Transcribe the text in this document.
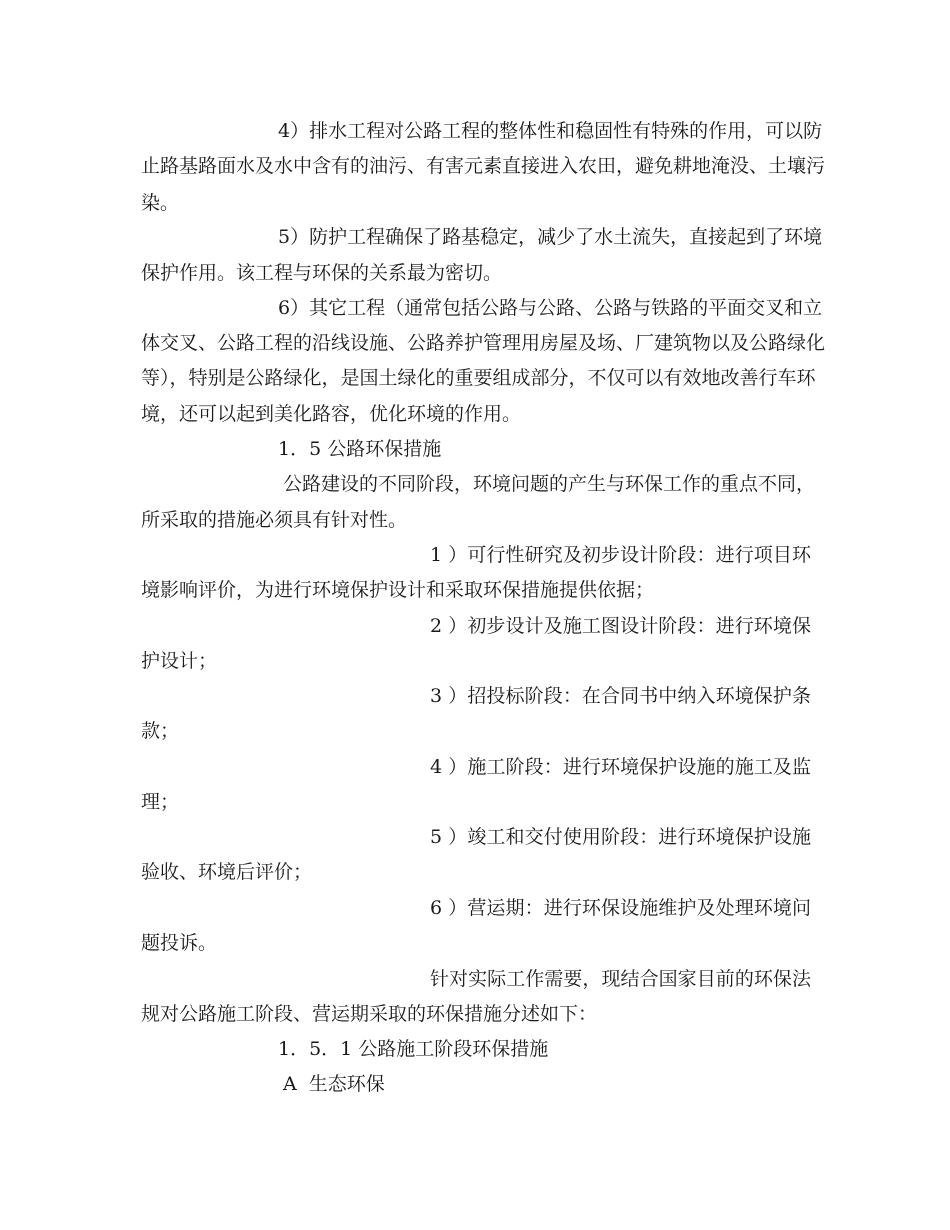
4）排水工程对公路工程的整体性和稳固性有特殊的作用，可以防
止路基路面水及水中含有的油污、有害元素直接进入农田，避免耕地淹没、土壤污
染。
5）防护工程确保了路基稳定，减少了水土流失，直接起到了环境
保护作用。该工程与环保的关系最为密切。
6）其它工程（通常包括公路与公路、公路与铁路的平面交叉和立
体交叉、公路工程的沿线设施、公路养护管理用房屋及场、厂建筑物以及公路绿化
等），特别是公路绿化，是国土绿化的重要组成部分，不仅可以有效地改善行车环
境，还可以起到美化路容，优化环境的作用。
1．5 公路环保措施
公路建设的不同阶段，环境问题的产生与环保工作的重点不同，
所采取的措施必须具有针对性。
1 ）可行性研究及初步设计阶段：进行项目环
境影响评价，为进行环境保护设计和采取环保措施提供依据；
2 ）初步设计及施工图设计阶段：进行环境保
护设计；
3 ）招投标阶段：在合同书中纳入环境保护条
款；
4 ）施工阶段：进行环境保护设施的施工及监
理；
5 ）竣工和交付使用阶段：进行环境保护设施
验收、环境后评价；
6 ）营运期：进行环保设施维护及处理环境问
题投诉。
针对实际工作需要，现结合国家目前的环保法
规对公路施工阶段、营运期采取的环保措施分述如下：
1．5．1 公路施工阶段环保措施
A  生态环保
